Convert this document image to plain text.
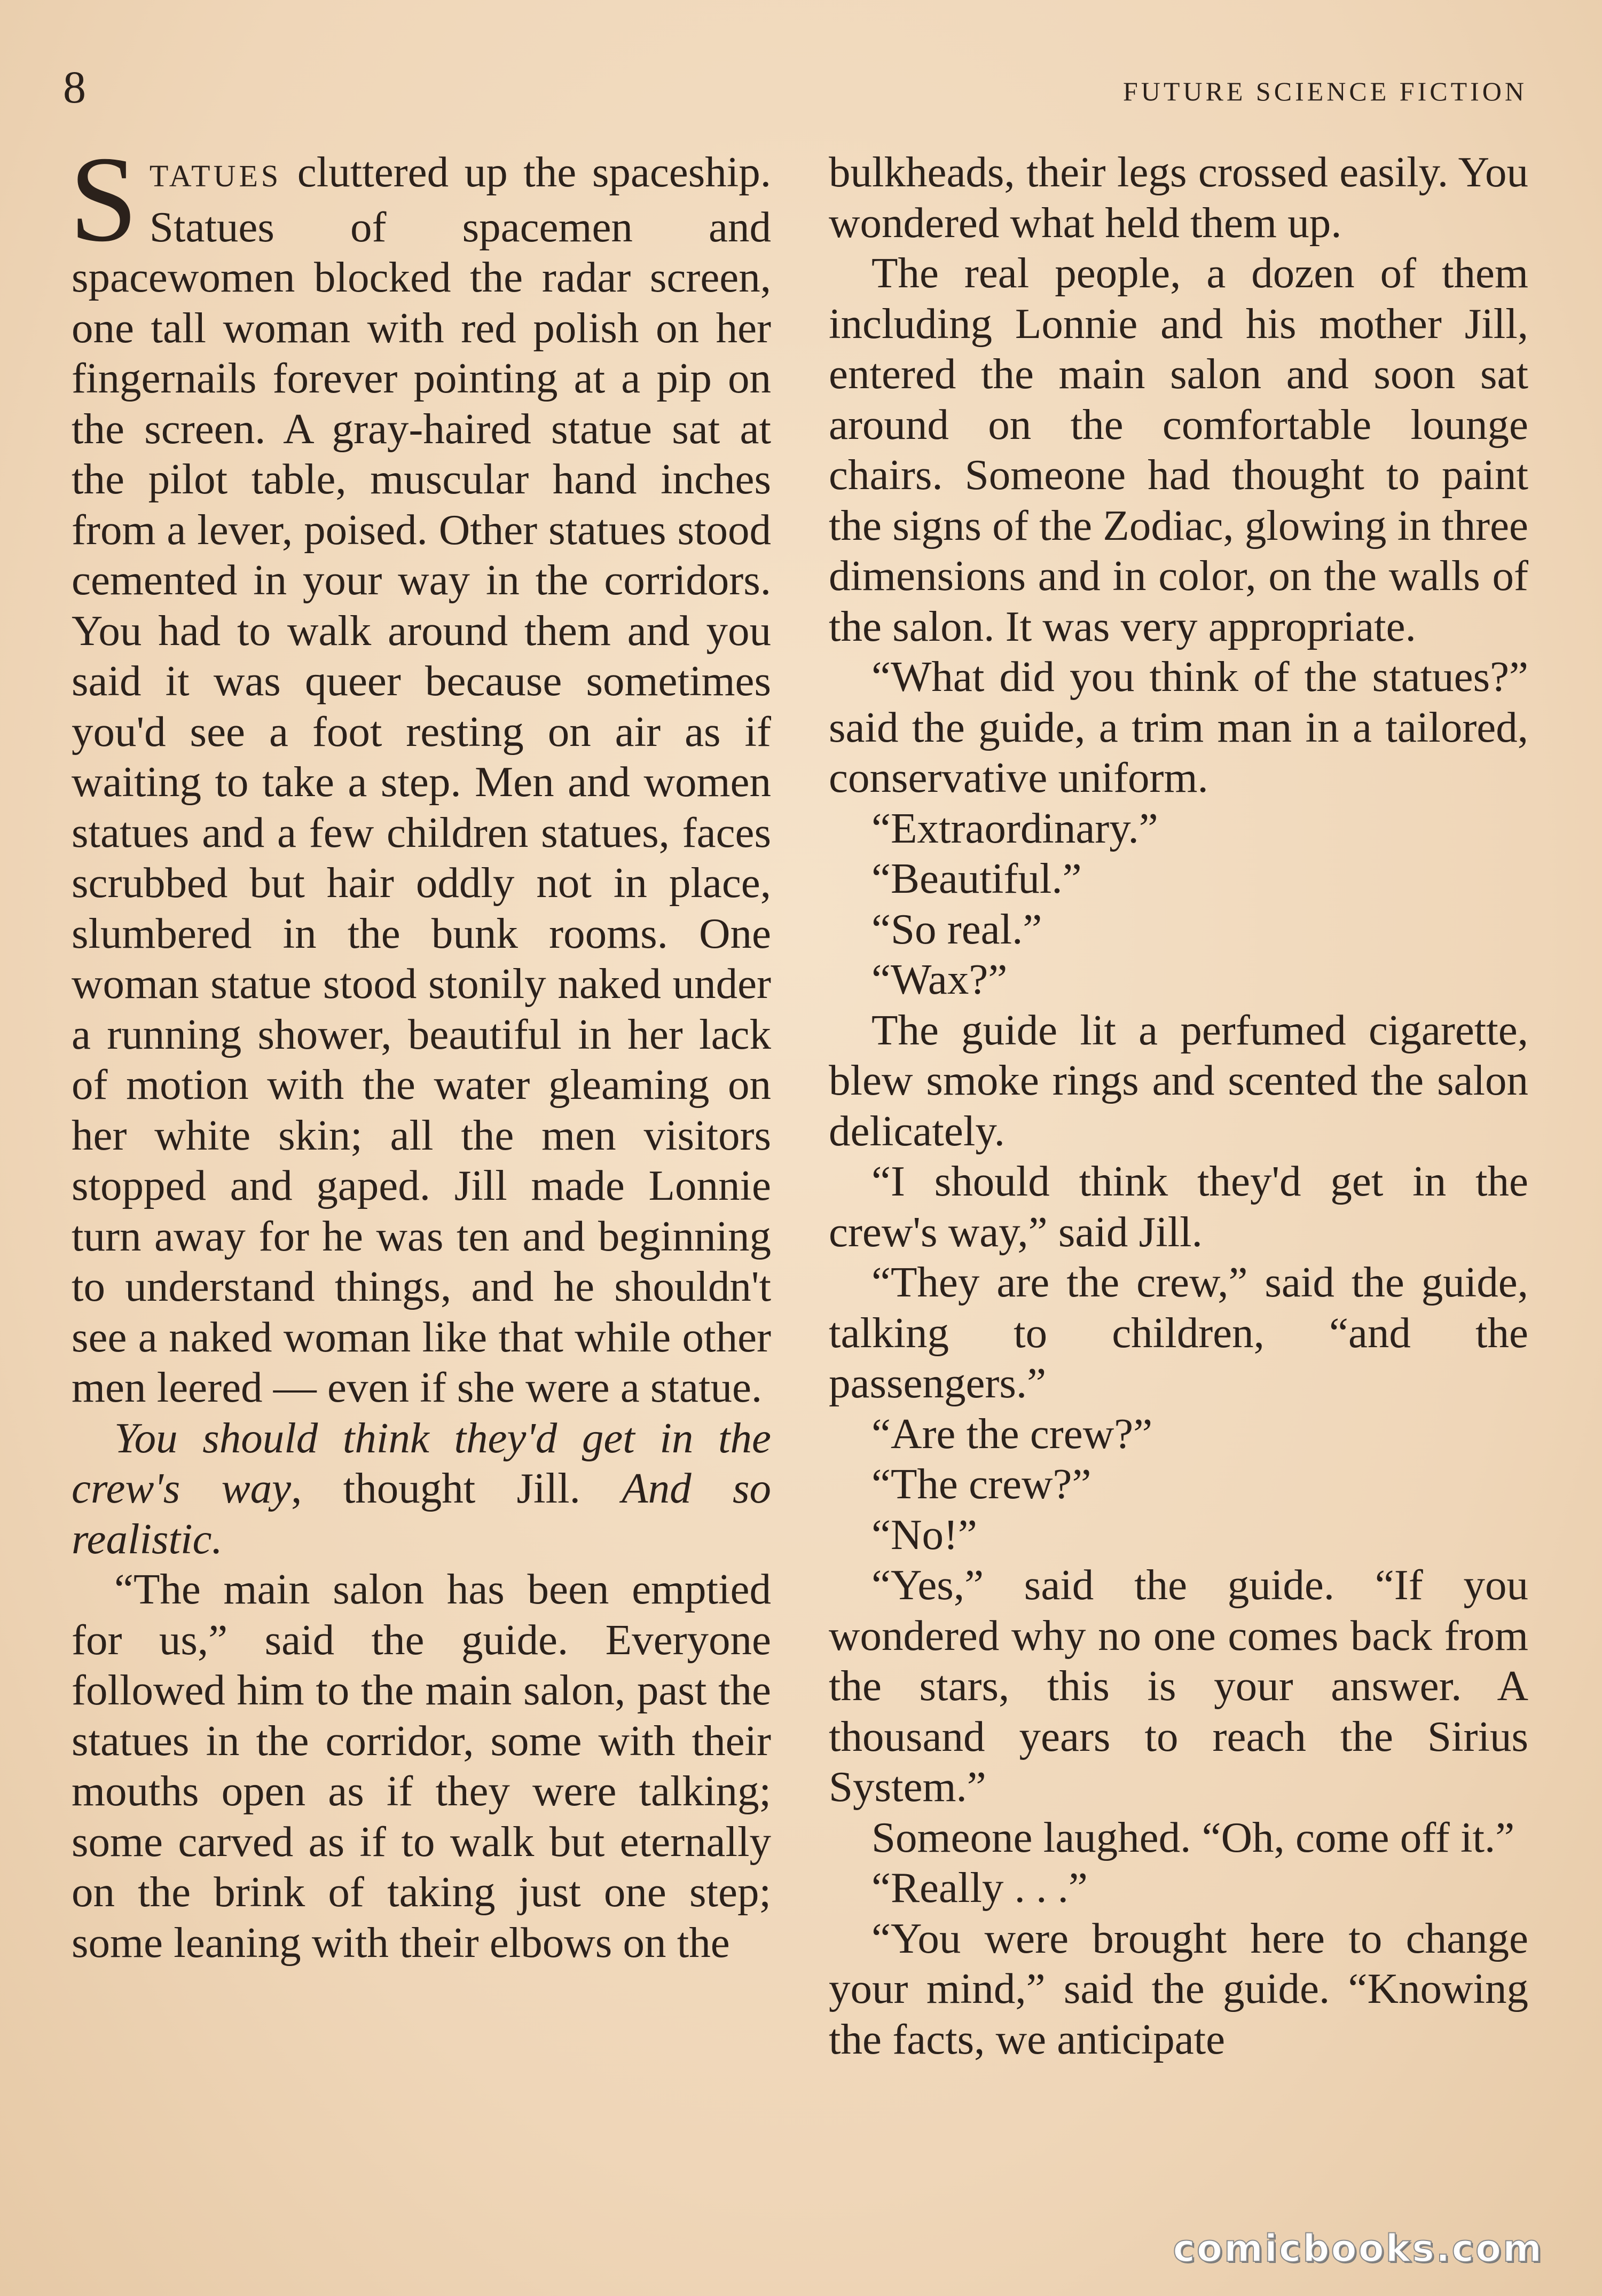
8	FUTURE SCIENCE FICTION

STATUES cluttered up the spaceship. Statues of spacemen and spacewomen blocked the radar screen, one tall woman with red polish on her fingernails forever pointing at a pip on the screen. A gray-haired statue sat at the pilot table, muscular hand inches from a lever, poised. Other statues stood cemented in your way in the corridors. You had to walk around them and you said it was queer because sometimes you'd see a foot resting on air as if waiting to take a step. Men and women statues and a few children statues, faces scrubbed but hair oddly not in place, slumbered in the bunk rooms. One woman statue stood stonily naked under a running shower, beautiful in her lack of motion with the water gleaming on her white skin; all the men visitors stopped and gaped. Jill made Lonnie turn away for he was ten and beginning to understand things, and he shouldn't see a naked woman like that while other men leered — even if she were a statue.

You should think they'd get in the crew's way, thought Jill. And so realistic.

“The main salon has been emptied for us,” said the guide. Everyone followed him to the main salon, past the statues in the corridor, some with their mouths open as if they were talking; some carved as if to walk but eternally on the brink of taking just one step; some leaning with their elbows on the

bulkheads, their legs crossed easily. You wondered what held them up.

The real people, a dozen of them including Lonnie and his mother Jill, entered the main salon and soon sat around on the comfortable lounge chairs. Someone had thought to paint the signs of the Zodiac, glowing in three dimensions and in color, on the walls of the salon. It was very appropriate.

“What did you think of the statues?” said the guide, a trim man in a tailored, conservative uniform.

“Extraordinary.”

“Beautiful.”

“So real.”

“Wax?”

The guide lit a perfumed cigarette, blew smoke rings and scented the salon delicately.

“I should think they'd get in the crew's way,” said Jill.

“They are the crew,” said the guide, talking to children, “and the passengers.”

“Are the crew?”

“The crew?”

“No!”

“Yes,” said the guide. “If you wondered why no one comes back from the stars, this is your answer. A thousand years to reach the Sirius System.”

Someone laughed. “Oh, come off it.”

“Really . . .”

“You were brought here to change your mind,” said the guide. “Knowing the facts, we anticipate

comicbooks.com
